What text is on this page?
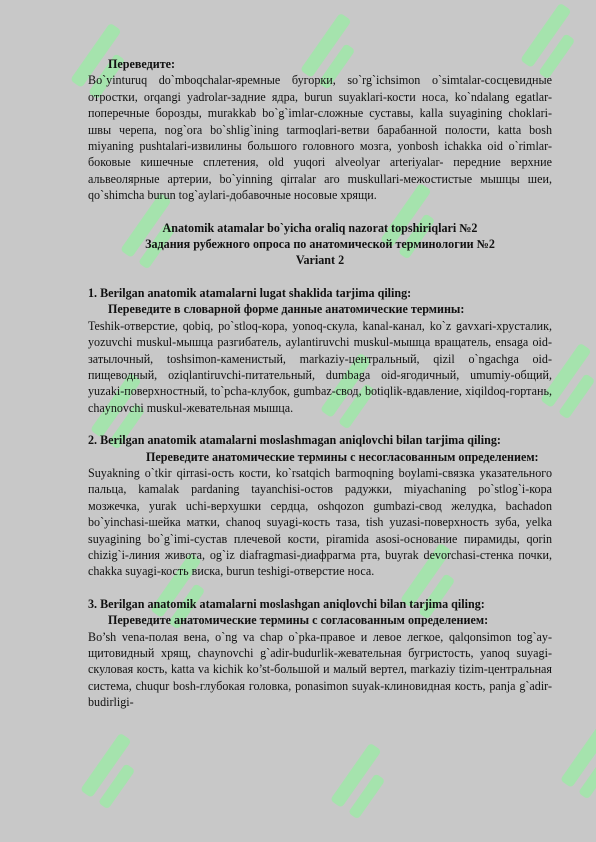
Переведите:

Bo`yinturuq do`mboqchalar-яремные бугорки, so`rg`ichsimon o`simtalar-сосцевидные отростки, orqangi yadrolar-задние ядра, burun suyaklari-кости носа, ko`ndalang egatlar-поперечные борозды, murakkab bo`g`imlar-сложные суставы, kalla suyagining choklari-швы черепа, nog`ora bo`shlig`ining tarmoqlari-ветви барабанной полости, katta bosh miyaning pushtalari-извилины большого головного мозга, yonbosh ichakka oid o`rimlar-боковые кишечные сплетения, old yuqori alveolyar arteriyalar- передние верхние альвеолярные артерии, bo`yinning qirralar aro muskullari-межостистые мышцы шеи, qo`shimcha burun tog`aylari-добавочные носовые хрящи.

Anatomik atamalar bo`yicha oraliq nazorat topshiriqlari №2

Задания рубежного опроса по анатомической терминологии №2

Variant 2

1. Berilgan anatomik atamalarni lugat shaklida tarjima qiling:

Переведите в словарной форме данные анатомические термины:

Teshik-отверстие, qobiq, po`stloq-кора, yonoq-скула, kanal-канал, ko`z gavxari-хрусталик, yozuvchi muskul-мышца разгибатель, aylantiruvchi muskul-мышца вращатель, ensaga oid-затылочный, toshsimon-каменистый, markaziy-центральный, qizil o`ngachga oid-пищеводный, oziqlantiruvchi-питательный, dumbaga oid-ягодичный, umumiy-общий, yuzaki-поверхностный, to`pcha-клубок, gumbaz-свод, botiqlik-вдавление, xiqildoq-гортань, chaynovchi muskul-жевательная мышца.

2. Berilgan anatomik atamalarni moslashmagan aniqlovchi bilan tarjima qiling:

Переведите анатомические термины с несогласованным определением:

Suyakning o`tkir qirrasi-ость кости, ko`rsatqich barmoqning boylami-связка указательного пальца, kamalak pardaning tayanchisi-остов радужки, miyachaning po`stlog`i-кора мозжечка, yurak uchi-верхушки сердца, oshqozon gumbazi-свод желудка, bachadon bo`yinchasi-шейка матки, chanoq suyagi-кость таза, tish yuzasi-поверхность зуба, yelka suyagining bo`g`imi-сустав плечевой кости, piramida asosi-основание пирамиды, qorin chizig`i-линия живота, og`iz diafragmasi-диафрагма рта, buyrak devorchasi-стенка почки, chakka suyagi-кость виска, burun teshigi-отверстие носа.

3. Berilgan anatomik atamalarni moslashgan aniqlovchi bilan tarjima qiling:

Переведите анатомические термины с согласованным определением:

Bo’sh vena-полая вена, o`ng va chap o`pka-правое и левое легкое, qalqonsimon tog`ay-щитовидный хрящ, chaynovchi g`adir-budurlik-жевательная бугристость, yanoq suyagi-скуловая кость, katta va kichik ko’st-большой и малый вертел, markaziy tizim-центральная система, chuqur bosh-глубокая головка, ponasimon suyak-клиновидная кость, panja g`adir-budirligi-
